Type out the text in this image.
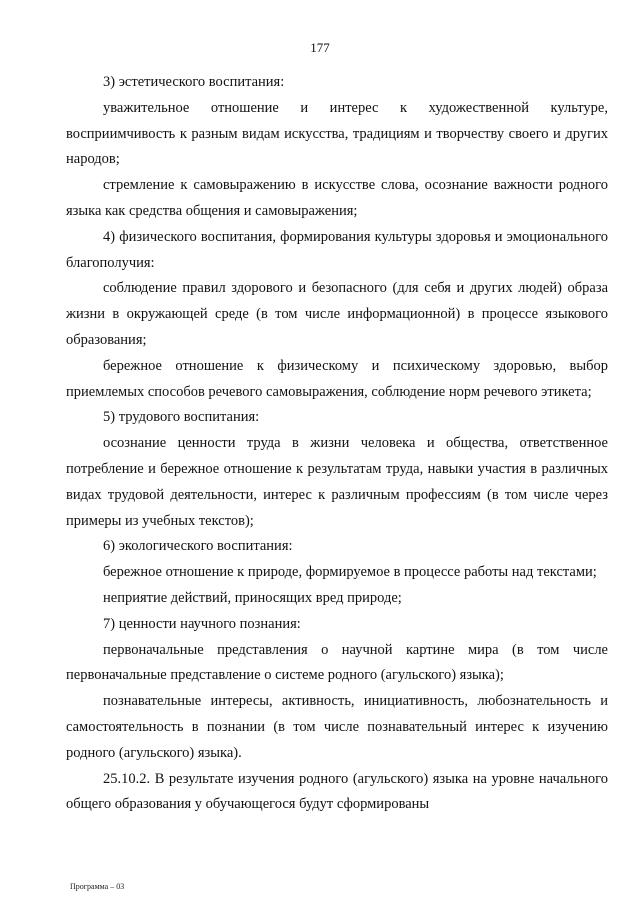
177

3) эстетического воспитания:

уважительное отношение и интерес к художественной культуре, восприимчивость к разным видам искусства, традициям и творчеству своего и других народов;

стремление к самовыражению в искусстве слова, осознание важности родного языка как средства общения и самовыражения;

4) физического воспитания, формирования культуры здоровья и эмоционального благополучия:

соблюдение правил здорового и безопасного (для себя и других людей) образа жизни в окружающей среде (в том числе информационной) в процессе языкового образования;

бережное отношение к физическому и психическому здоровью, выбор приемлемых способов речевого самовыражения, соблюдение норм речевого этикета;

5) трудового воспитания:

осознание ценности труда в жизни человека и общества, ответственное потребление и бережное отношение к результатам труда, навыки участия в различных видах трудовой деятельности, интерес к различным профессиям (в том числе через примеры из учебных текстов);

6) экологического воспитания:

бережное отношение к природе, формируемое в процессе работы над текстами;

неприятие действий, приносящих вред природе;

7) ценности научного познания:

первоначальные представления о научной картине мира (в том числе первоначальные представление о системе родного (агульского) языка);

познавательные интересы, активность, инициативность, любознательность и самостоятельность в познании (в том числе познавательный интерес к изучению родного (агульского) языка).

25.10.2. В результате изучения родного (агульского) языка на уровне начального общего образования у обучающегося будут сформированы

Программа – 03
